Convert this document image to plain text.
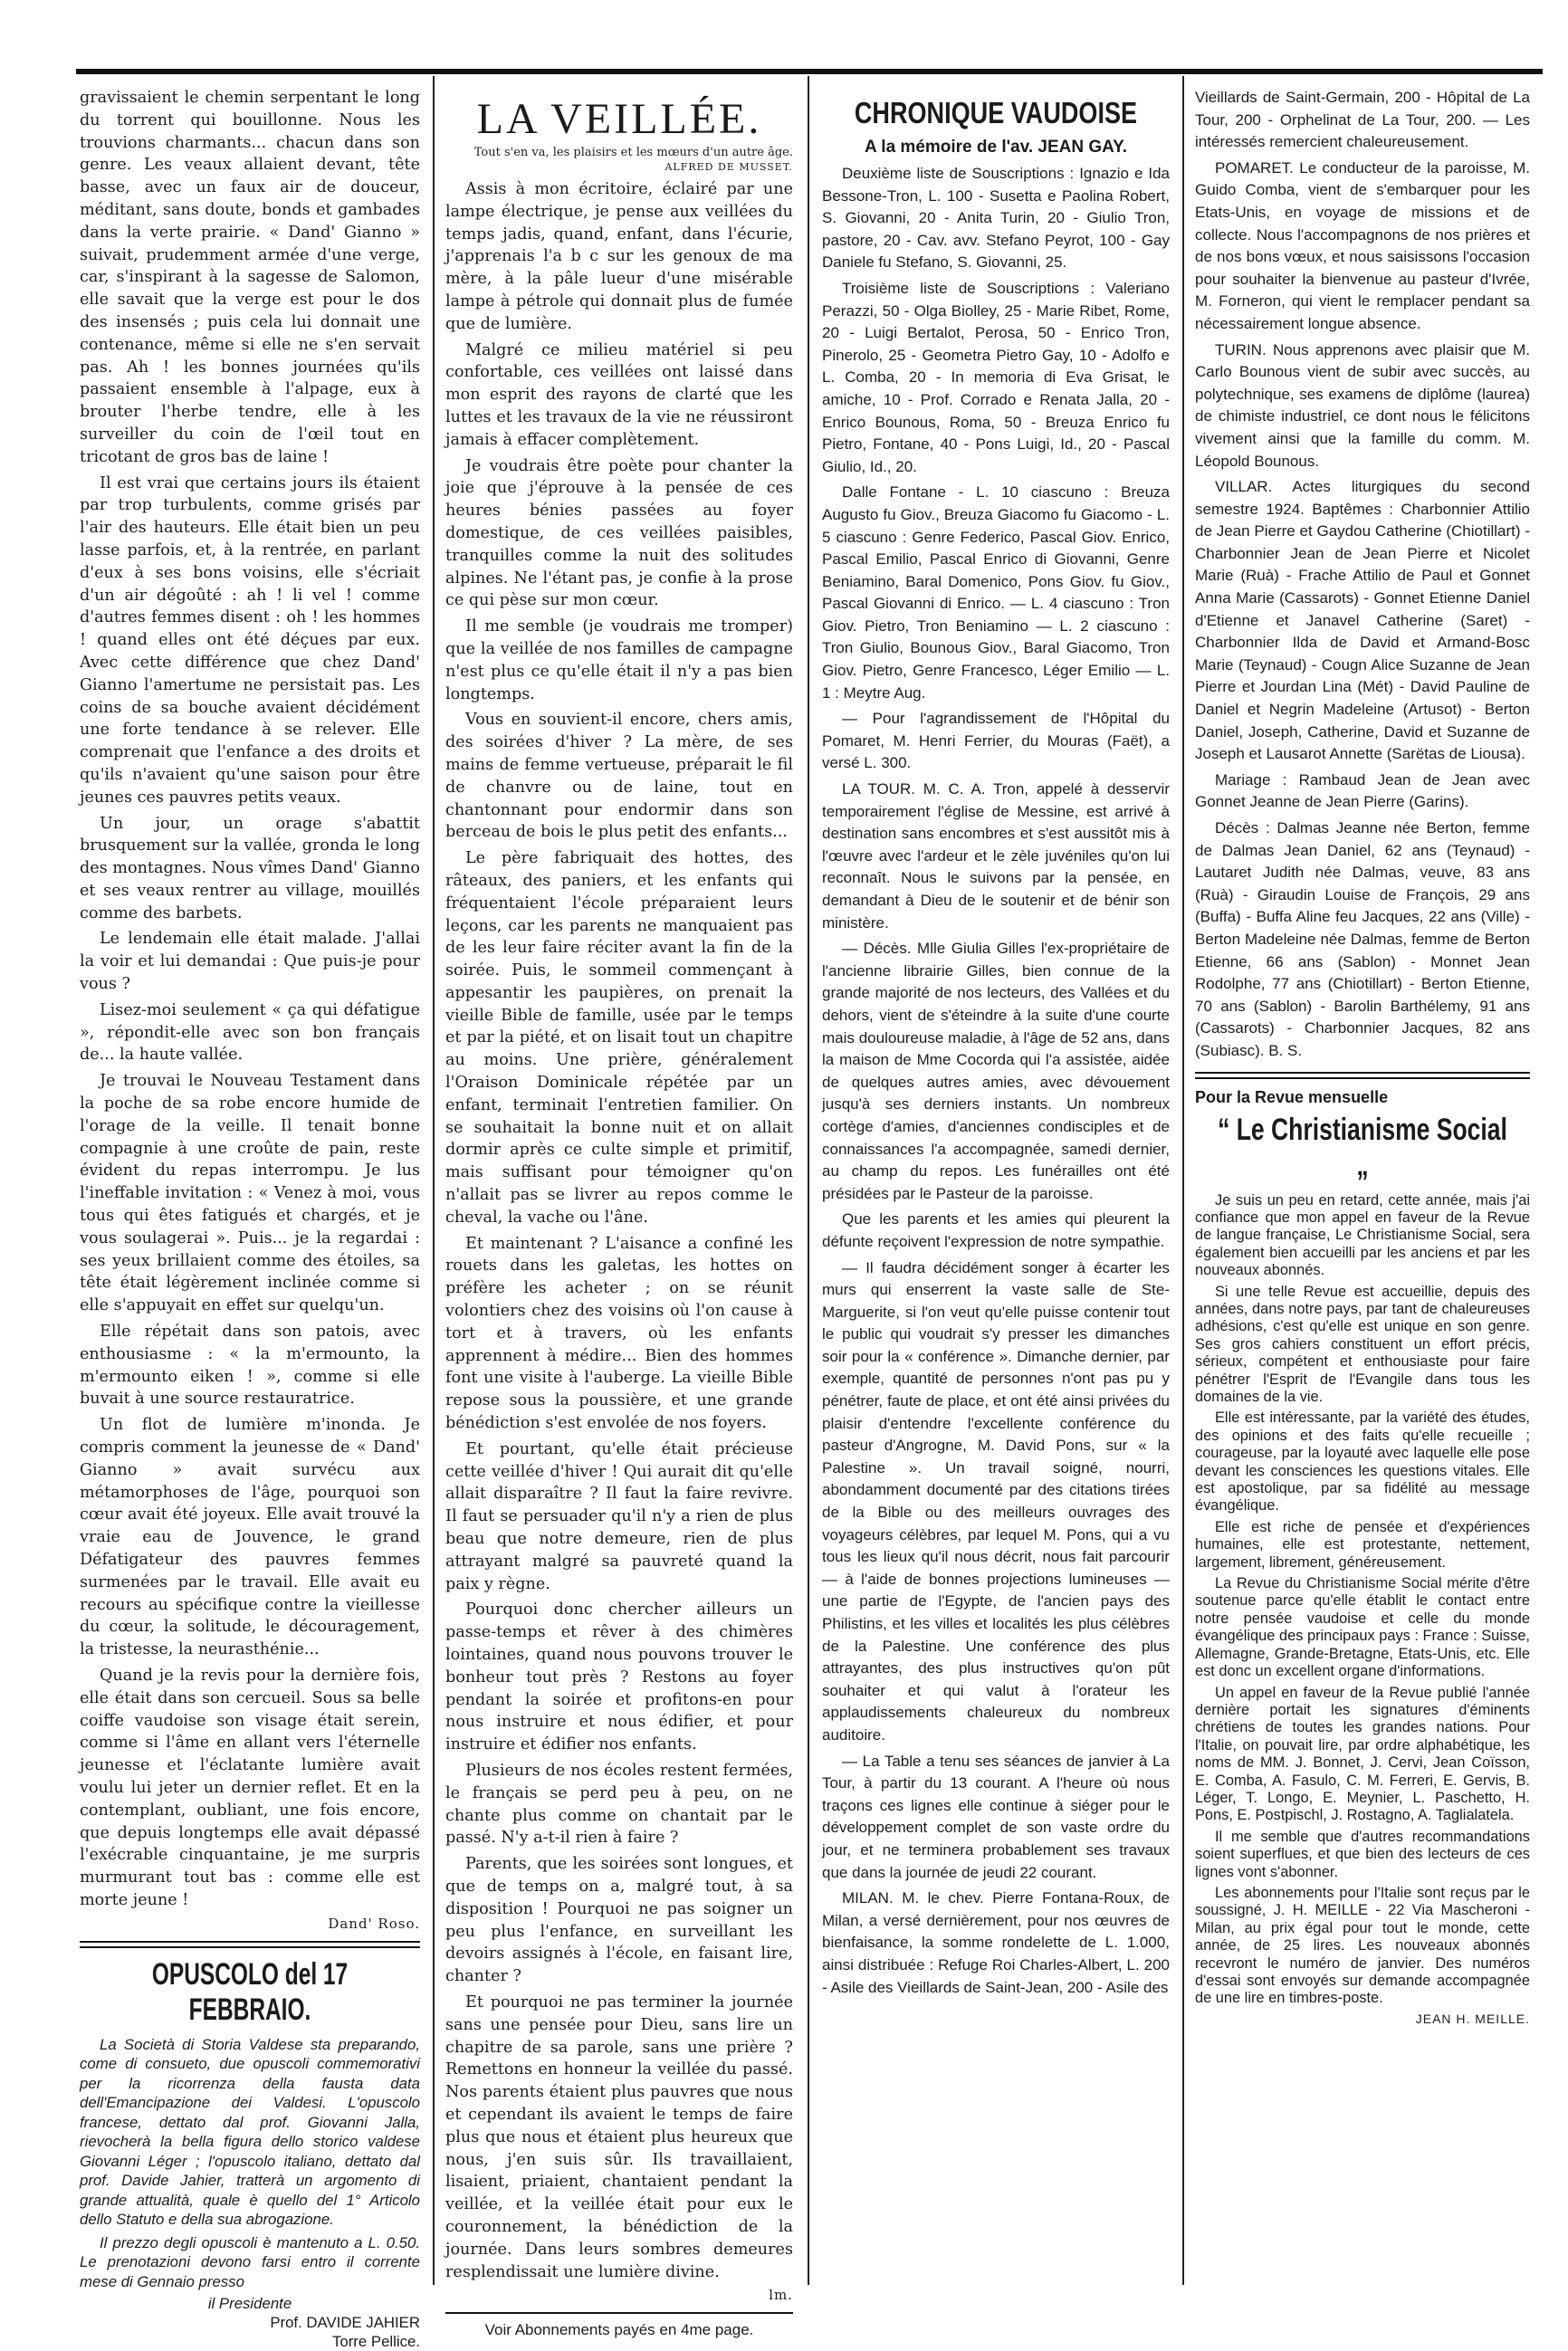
gravissaient le chemin serpentant le long du torrent qui bouillonne. Nous les trouvions charmants... chacun dans son genre. Les veaux allaient devant, tête basse, avec un faux air de douceur, méditant, sans doute, bonds et gambades dans la verte prairie. « Dand' Gianno » suivait, prudemment armée d'une verge, car, s'inspirant à la sagesse de Salomon, elle savait que la verge est pour le dos des insensés ; puis cela lui donnait une contenance, même si elle ne s'en servait pas. Ah ! les bonnes journées qu'ils passaient ensemble à l'alpage, eux à brouter l'herbe tendre, elle à les surveiller du coin de l'œil tout en tricotant de gros bas de laine !

Il est vrai que certains jours ils étaient par trop turbulents, comme grisés par l'air des hauteurs. Elle était bien un peu lasse parfois, et, à la rentrée, en parlant d'eux à ses bons voisins, elle s'écriait d'un air dégoûté : ah ! li vel ! comme d'autres femmes disent : oh ! les hommes ! quand elles ont été déçues par eux. Avec cette différence que chez Dand' Gianno l'amertume ne persistait pas. Les coins de sa bouche avaient décidément une forte tendance à se relever. Elle comprenait que l'enfance a des droits et qu'ils n'avaient qu'une saison pour être jeunes ces pauvres petits veaux.

Un jour, un orage s'abattit brusquement sur la vallée, gronda le long des montagnes. Nous vîmes Dand' Gianno et ses veaux rentrer au village, mouillés comme des barbets.

Le lendemain elle était malade. J'allai la voir et lui demandai : Que puis-je pour vous ?

Lisez-moi seulement « ça qui défatigue », répondit-elle avec son bon français de... la haute vallée.

Je trouvai le Nouveau Testament dans la poche de sa robe encore humide de l'orage de la veille. Il tenait bonne compagnie à une croûte de pain, reste évident du repas interrompu. Je lus l'ineffable invitation : « Venez à moi, vous tous qui êtes fatigués et chargés, et je vous soulagerai ». Puis... je la regardai : ses yeux brillaient comme des étoiles, sa tête était légèrement inclinée comme si elle s'appuyait en effet sur quelqu'un.

Elle répétait dans son patois, avec enthousiasme : « la m'ermounto, la m'ermounto eiken ! », comme si elle buvait à une source restauratrice.

Un flot de lumière m'inonda. Je compris comment la jeunesse de « Dand' Gianno » avait survécu aux métamorphoses de l'âge, pourquoi son cœur avait été joyeux. Elle avait trouvé la vraie eau de Jouvence, le grand Défatigateur des pauvres femmes surmenées par le travail. Elle avait eu recours au spécifique contre la vieillesse du cœur, la solitude, le découragement, la tristesse, la neurasthénie...

Quand je la revis pour la dernière fois, elle était dans son cercueil. Sous sa belle coiffe vaudoise son visage était serein, comme si l'âme en allant vers l'éternelle jeunesse et l'éclatante lumière avait voulu lui jeter un dernier reflet. Et en la contemplant, oubliant, une fois encore, que depuis longtemps elle avait dépassé l'exécrable cinquantaine, je me surpris murmurant tout bas : comme elle est morte jeune !

Dand' Roso.
OPUSCOLO del 17 FEBBRAIO.

La Società di Storia Valdese sta preparando, come di consueto, due opuscoli commemorativi per la ricorrenza della fausta data dell'Emancipazione dei Valdesi. L'opuscolo francese, dettato dal prof. Giovanni Jalla, rievocherà la bella figura dello storico valdese Giovanni Léger ; l'opuscolo italiano, dettato dal prof. Davide Jahier, tratterà un argomento di grande attualità, quale è quello del 1° Articolo dello Statuto e della sua abrogazione.

Il prezzo degli opuscoli è mantenuto a L. 0.50. Le prenotazioni devono farsi entro il corrente mese di Gennaio presso

il Presidente
Prof. DAVIDE JAHIER
Torre Pellice.
LA VEILLÉE.
Tout s'en va, les plaisirs et les mœurs d'un autre âge. ALFRED DE MUSSET.

Assis à mon écritoire, éclairé par une lampe électrique, je pense aux veillées du temps jadis, quand, enfant, dans l'écurie, j'apprenais l'a b c sur les genoux de ma mère, à la pâle lueur d'une misérable lampe à pétrole qui donnait plus de fumée que de lumière.

Malgré ce milieu matériel si peu confortable, ces veillées ont laissé dans mon esprit des rayons de clarté que les luttes et les travaux de la vie ne réussiront jamais à effacer complètement.

Je voudrais être poète pour chanter la joie que j'éprouve à la pensée de ces heures bénies passées au foyer domestique, de ces veillées paisibles, tranquilles comme la nuit des solitudes alpines. Ne l'étant pas, je confie à la prose ce qui pèse sur mon cœur.

Il me semble (je voudrais me tromper) que la veillée de nos familles de campagne n'est plus ce qu'elle était il n'y a pas bien longtemps.

Vous en souvient-il encore, chers amis, des soirées d'hiver ? La mère, de ses mains de femme vertueuse, préparait le fil de chanvre ou de laine, tout en chantonnant pour endormir dans son berceau de bois le plus petit des enfants...

Le père fabriquait des hottes, des râteaux, des paniers, et les enfants qui fréquentaient l'école préparaient leurs leçons, car les parents ne manquaient pas de les leur faire réciter avant la fin de la soirée. Puis, le sommeil commençant à appesantir les paupières, on prenait la vieille Bible de famille, usée par le temps et par la piété, et on lisait tout un chapitre au moins. Une prière, généralement l'Oraison Dominicale répétée par un enfant, terminait l'entretien familier. On se souhaitait la bonne nuit et on allait dormir après ce culte simple et primitif, mais suffisant pour témoigner qu'on n'allait pas se livrer au repos comme le cheval, la vache ou l'âne.

Et maintenant ? L'aisance a confiné les rouets dans les galetas, les hottes on préfère les acheter ; on se réunit volontiers chez des voisins où l'on cause à tort et à travers, où les enfants apprennent à médire... Bien des hommes font une visite à l'auberge. La vieille Bible repose sous la poussière, et une grande bénédiction s'est envolée de nos foyers.

Et pourtant, qu'elle était précieuse cette veillée d'hiver ! Qui aurait dit qu'elle allait disparaître ? Il faut la faire revivre. Il faut se persuader qu'il n'y a rien de plus beau que notre demeure, rien de plus attrayant malgré sa pauvreté quand la paix y règne.

Pourquoi donc chercher ailleurs un passe-temps et rêver à des chimères lointaines, quand nous pouvons trouver le bonheur tout près ? Restons au foyer pendant la soirée et profitons-en pour nous instruire et nous édifier, et pour instruire et édifier nos enfants.

Plusieurs de nos écoles restent fermées, le français se perd peu à peu, on ne chante plus comme on chantait par le passé. N'y a-t-il rien à faire ?

Parents, que les soirées sont longues, et que de temps on a, malgré tout, à sa disposition ! Pourquoi ne pas soigner un peu plus l'enfance, en surveillant les devoirs assignés à l'école, en faisant lire, chanter ?

Et pourquoi ne pas terminer la journée sans une pensée pour Dieu, sans lire un chapitre de sa parole, sans une prière ? Remettons en honneur la veillée du passé. Nos parents étaient plus pauvres que nous et cependant ils avaient le temps de faire plus que nous et étaient plus heureux que nous, j'en suis sûr. Ils travaillaient, lisaient, priaient, chantaient pendant la veillée, et la veillée était pour eux le couronnement, la bénédiction de la journée. Dans leurs sombres demeures resplendissait une lumière divine.

lm.
Voir Abonnements payés en 4me page.
CHRONIQUE VAUDOISE
A la mémoire de l'av. JEAN GAY.

Deuxième liste de Souscriptions : Ignazio e Ida Bessone-Tron, L. 100 - Susetta e Paolina Robert, S. Giovanni, 20 - Anita Turin, 20 - Giulio Tron, pastore, 20 - Cav. avv. Stefano Peyrot, 100 - Gay Daniele fu Stefano, S. Giovanni, 25.

Troisième liste de Souscriptions : Valeriano Perazzi, 50 - Olga Biolley, 25 - Marie Ribet, Rome, 20 - Luigi Bertalot, Perosa, 50 - Enrico Tron, Pinerolo, 25 - Geometra Pietro Gay, 10 - Adolfo e L. Comba, 20 - In memoria di Eva Grisat, le amiche, 10 - Prof. Corrado e Renata Jalla, 20 - Enrico Bounous, Roma, 50 - Breuza Enrico fu Pietro, Fontane, 40 - Pons Luigi, Id., 20 - Pascal Giulio, Id., 20.

Dalle Fontane - L. 10 ciascuno : Breuza Augusto fu Giov., Breuza Giacomo fu Giacomo - L. 5 ciascuno : Genre Federico, Pascal Giov. Enrico, Pascal Emilio, Pascal Enrico di Giovanni, Genre Beniamino, Baral Domenico, Pons Giov. fu Giov., Pascal Giovanni di Enrico. — L. 4 ciascuno : Tron Giov. Pietro, Tron Beniamino — L. 2 ciascuno : Tron Giulio, Bounous Giov., Baral Giacomo, Tron Giov. Pietro, Genre Francesco, Léger Emilio — L. 1 : Meytre Aug.

— Pour l'agrandissement de l'Hôpital du Pomaret, M. Henri Ferrier, du Mouras (Faët), a versé L. 300.

LA TOUR. M. C. A. Tron, appelé à desservir temporairement l'église de Messine, est arrivé à destination sans encombres et s'est aussitôt mis à l'œuvre avec l'ardeur et le zèle juvéniles qu'on lui reconnaît. Nous le suivons par la pensée, en demandant à Dieu de le soutenir et de bénir son ministère.

— Décès. Mlle Giulia Gilles l'ex-propriétaire de l'ancienne librairie Gilles, bien connue de la grande majorité de nos lecteurs, des Vallées et du dehors, vient de s'éteindre à la suite d'une courte mais douloureuse maladie, à l'âge de 52 ans, dans la maison de Mme Cocorda qui l'a assistée, aidée de quelques autres amies, avec dévouement jusqu'à ses derniers instants. Un nombreux cortège d'amies, d'anciennes condisciples et de connaissances l'a accompagnée, samedi dernier, au champ du repos. Les funérailles ont été présidées par le Pasteur de la paroisse.

Que les parents et les amies qui pleurent la défunte reçoivent l'expression de notre sympathie.

— Il faudra décidément songer à écarter les murs qui enserrent la vaste salle de Ste-Marguerite, si l'on veut qu'elle puisse contenir tout le public qui voudrait s'y presser les dimanches soir pour la « conférence ». Dimanche dernier, par exemple, quantité de personnes n'ont pas pu y pénétrer, faute de place, et ont été ainsi privées du plaisir d'entendre l'excellente conférence du pasteur d'Angrogne, M. David Pons, sur « la Palestine ». Un travail soigné, nourri, abondamment documenté par des citations tirées de la Bible ou des meilleurs ouvrages des voyageurs célèbres, par lequel M. Pons, qui a vu tous les lieux qu'il nous décrit, nous fait parcourir — à l'aide de bonnes projections lumineuses — une partie de l'Egypte, de l'ancien pays des Philistins, et les villes et localités les plus célèbres de la Palestine. Une conférence des plus attrayantes, des plus instructives qu'on pût souhaiter et qui valut à l'orateur les applaudissements chaleureux du nombreux auditoire.

— La Table a tenu ses séances de janvier à La Tour, à partir du 13 courant. A l'heure où nous traçons ces lignes elle continue à siéger pour le développement complet de son vaste ordre du jour, et ne terminera probablement ses travaux que dans la journée de jeudi 22 courant.

MILAN. M. le chev. Pierre Fontana-Roux, de Milan, a versé dernièrement, pour nos œuvres de bienfaisance, la somme rondelette de L. 1.000, ainsi distribuée : Refuge Roi Charles-Albert, L. 200 - Asile des Vieillards de Saint-Jean, 200 - Asile des

Vieillards de Saint-Germain, 200 - Hôpital de La Tour, 200 - Orphelinat de La Tour, 200. — Les intéressés remercient chaleureusement.

POMARET. Le conducteur de la paroisse, M. Guido Comba, vient de s'embarquer pour les Etats-Unis, en voyage de missions et de collecte. Nous l'accompagnons de nos prières et de nos bons vœux, et nous saisissons l'occasion pour souhaiter la bienvenue au pasteur d'Ivrée, M. Forneron, qui vient le remplacer pendant sa nécessairement longue absence.

TURIN. Nous apprenons avec plaisir que M. Carlo Bounous vient de subir avec succès, au polytechnique, ses examens de diplôme (laurea) de chimiste industriel, ce dont nous le félicitons vivement ainsi que la famille du comm. M. Léopold Bounous.

VILLAR. Actes liturgiques du second semestre 1924. Baptêmes : Charbonnier Attilio de Jean Pierre et Gaydou Catherine (Chiotillart) - Charbonnier Jean de Jean Pierre et Nicolet Marie (Ruà) - Frache Attilio de Paul et Gonnet Anna Marie (Cassarots) - Gonnet Etienne Daniel d'Etienne et Janavel Catherine (Saret) - Charbonnier Ilda de David et Armand-Bosc Marie (Teynaud) - Cougn Alice Suzanne de Jean Pierre et Jourdan Lina (Mét) - David Pauline de Daniel et Negrin Madeleine (Artusot) - Berton Daniel, Joseph, Catherine, David et Suzanne de Joseph et Lausarot Annette (Sarëtas de Liousa).

Mariage : Rambaud Jean de Jean avec Gonnet Jeanne de Jean Pierre (Garins).

Décès : Dalmas Jeanne née Berton, femme de Dalmas Jean Daniel, 62 ans (Teynaud) - Lautaret Judith née Dalmas, veuve, 83 ans (Ruà) - Giraudin Louise de François, 29 ans (Buffa) - Buffa Aline feu Jacques, 22 ans (Ville) - Berton Madeleine née Dalmas, femme de Berton Etienne, 66 ans (Sablon) - Monnet Jean Rodolphe, 77 ans (Chiotillart) - Berton Etienne, 70 ans (Sablon) - Barolin Barthélemy, 91 ans (Cassarots) - Charbonnier Jacques, 82 ans (Subiasc). B. S.

Pour la Revue mensuelle
“ Le Christianisme Social „

Je suis un peu en retard, cette année, mais j'ai confiance que mon appel en faveur de la Revue de langue française, Le Christianisme Social, sera également bien accueilli par les anciens et par les nouveaux abonnés.

Si une telle Revue est accueillie, depuis des années, dans notre pays, par tant de chaleureuses adhésions, c'est qu'elle est unique en son genre. Ses gros cahiers constituent un effort précis, sérieux, compétent et enthousiaste pour faire pénétrer l'Esprit de l'Evangile dans tous les domaines de la vie.

Elle est intéressante, par la variété des études, des opinions et des faits qu'elle recueille ; courageuse, par la loyauté avec laquelle elle pose devant les consciences les questions vitales. Elle est apostolique, par sa fidélité au message évangélique.

Elle est riche de pensée et d'expériences humaines, elle est protestante, nettement, largement, librement, généreusement.

La Revue du Christianisme Social mérite d'être soutenue parce qu'elle établit le contact entre notre pensée vaudoise et celle du monde évangélique des principaux pays : France : Suisse, Allemagne, Grande-Bretagne, Etats-Unis, etc. Elle est donc un excellent organe d'informations.

Un appel en faveur de la Revue publié l'année dernière portait les signatures d'éminents chrétiens de toutes les grandes nations. Pour l'Italie, on pouvait lire, par ordre alphabétique, les noms de MM. J. Bonnet, J. Cervi, Jean Coïsson, E. Comba, A. Fasulo, C. M. Ferreri, E. Gervis, B. Léger, T. Longo, E. Meynier, L. Paschetto, H. Pons, E. Postpischl, J. Rostagno, A. Taglialatela.

Il me semble que d'autres recommandations soient superflues, et que bien des lecteurs de ces lignes vont s'abonner.

Les abonnements pour l'Italie sont reçus par le soussigné, J. H. MEILLE - 22 Via Mascheroni - Milan, au prix égal pour tout le monde, cette année, de 25 lires. Les nouveaux abonnés recevront le numéro de janvier. Des numéros d'essai sont envoyés sur demande accompagnée de une lire en timbres-poste.

JEAN H. MEILLE.
